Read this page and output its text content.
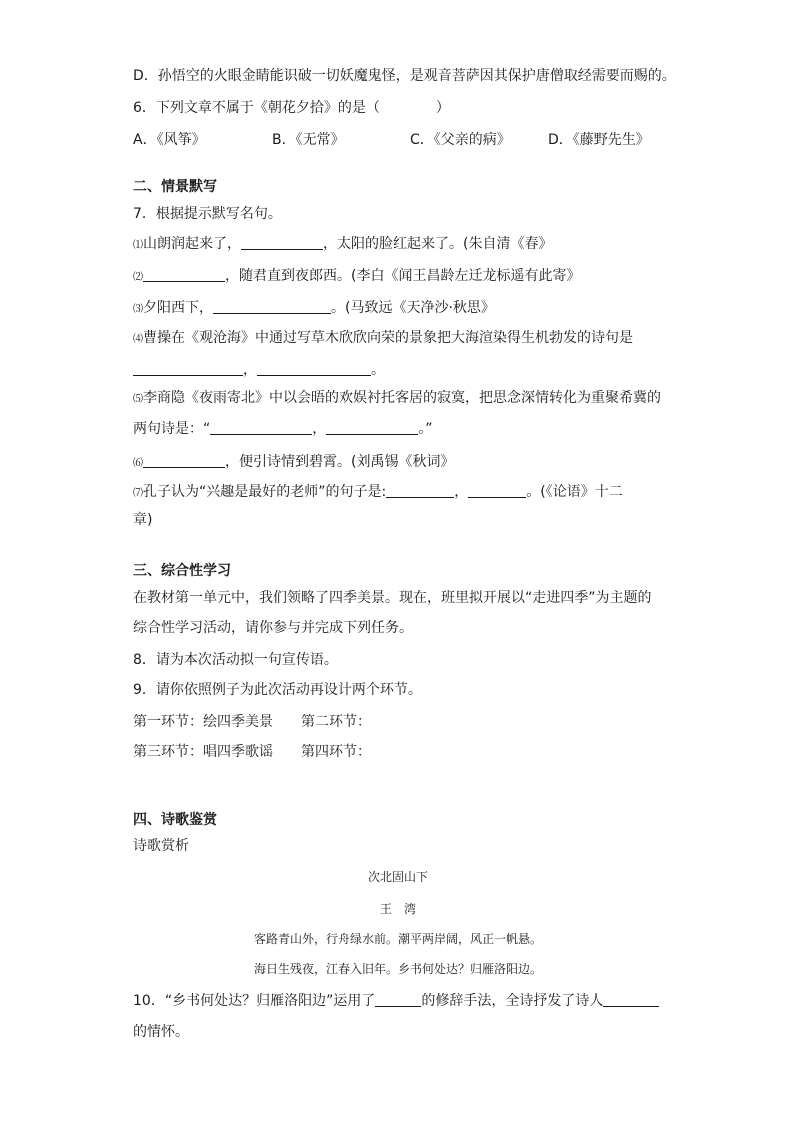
D．孙悟空的火眼金睛能识破一切妖魔鬼怪，是观音菩萨因其保护唐僧取经需要而赐的。
6．下列文章不属于《朝花夕拾》的是（　　　　）
A．《风筝》	B．《无常》	C．《父亲的病》	D．《藤野先生》
二、情景默写
7．根据提示默写名句。
⑴山朗润起来了，	，太阳的脸红起来了。(朱自清《春》
⑵	，随君直到夜郎西。(李白《闻王昌龄左迁龙标遥有此寄》
⑶夕阳西下，	。(马致远《天净沙·秋思》
⑷曹操在《观沧海》中通过写草木欣欣向荣的景象把大海渲染得生机勃发的诗句是
，	。
⑸李商隐《夜雨寄北》中以会晤的欢娱衬托客居的寂寞，把思念深情转化为重聚希冀的
两句诗是：“	，	。”
⑹	，便引诗情到碧霄。(刘禹锡《秋词》
⑺孔子认为“兴趣是最好的老师”的句子是:	，	。(《论语》十二
章)
三、综合性学习
在教材第一单元中，我们领略了四季美景。现在，班里拟开展以“走进四季”为主题的
综合性学习活动，请你参与并完成下列任务。
8．请为本次活动拟一句宣传语。
9．请你依照例子为此次活动再设计两个环节。
第一环节：绘四季美景 第二环节：
第三环节：唱四季歌谣 第四环节：
四、诗歌鉴赏
诗歌赏析
次北固山下
王　湾
客路青山外，行舟绿水前。潮平两岸阔，风正一帆悬。
海日生残夜，江春入旧年。乡书何处达？归雁洛阳边。
10．“乡书何处达？归雁洛阳边”运用了	的修辞手法，全诗抒发了诗人
的情怀。
